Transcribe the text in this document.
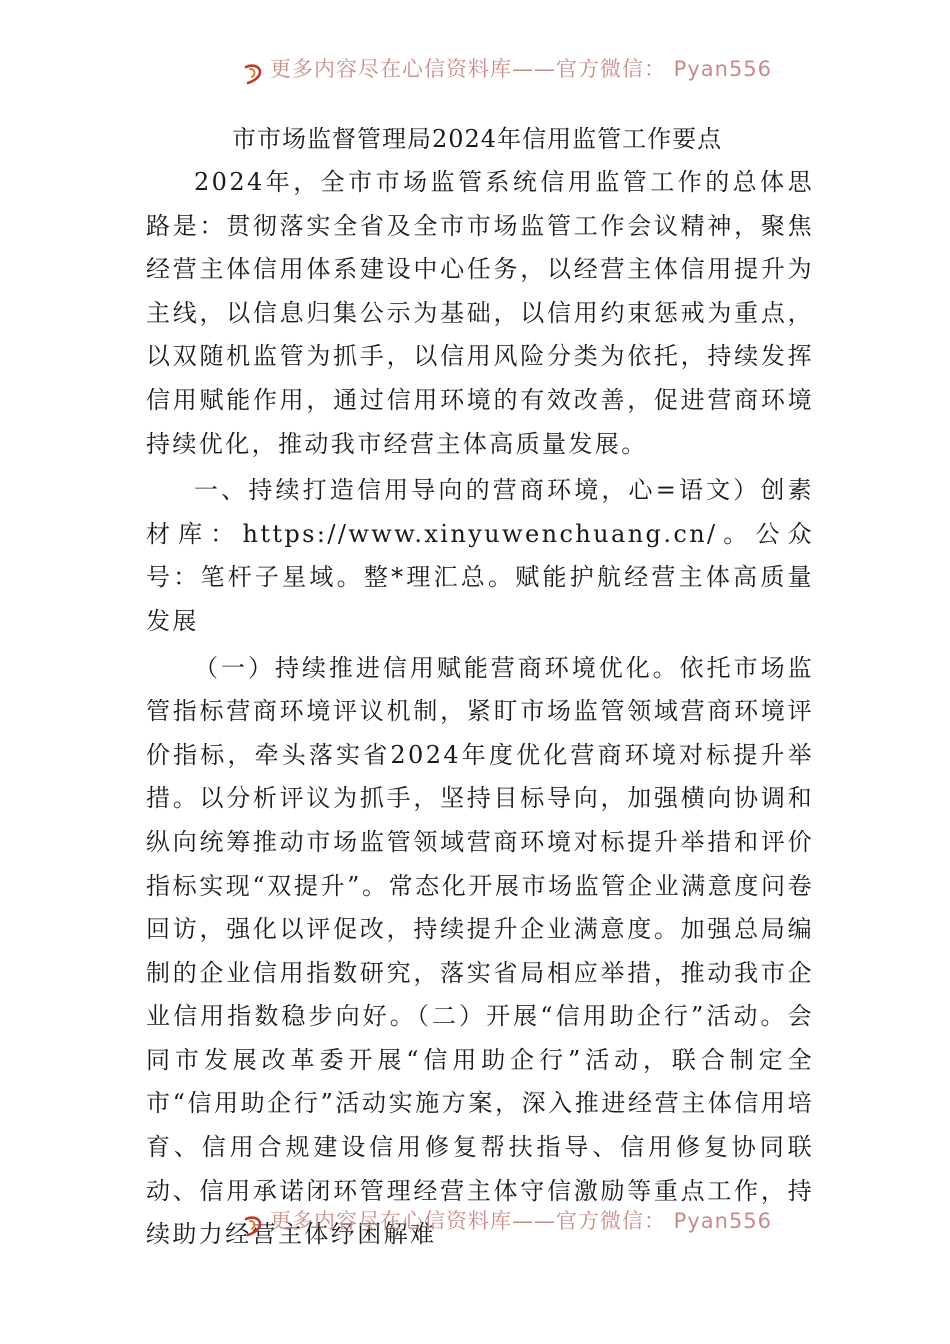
更多内容尽在心信资料库——官方微信： Pyan556
市市场监督管理局2024年信用监管工作要点

2024年，全市市场监管系统信用监管工作的总体思路是：贯彻落实全省及全市市场监管工作会议精神，聚焦经营主体信用体系建设中心任务，以经营主体信用提升为主线，以信息归集公示为基础，以信用约束惩戒为重点，以双随机监管为抓手，以信用风险分类为依托，持续发挥信用赋能作用，通过信用环境的有效改善，促进营商环境持续优化，推动我市经营主体高质量发展。

一、持续打造信用导向的营商环境，心=语文）创素材库：https://www.xinyuwenchuang.cn/。公众号：笔杆子星域。整*理汇总。赋能护航经营主体高质量发展

（一）持续推进信用赋能营商环境优化。依托市场监管指标营商环境评议机制，紧盯市场监管领域营商环境评价指标，牵头落实省2024年度优化营商环境对标提升举措。以分析评议为抓手，坚持目标导向，加强横向协调和纵向统筹推动市场监管领域营商环境对标提升举措和评价指标实现“双提升”。常态化开展市场监管企业满意度问卷回访，强化以评促改，持续提升企业满意度。加强总局编制的企业信用指数研究，落实省局相应举措，推动我市企业信用指数稳步向好。（二）开展“信用助企行”活动。会同市发展改革委开展“信用助企行”活动，联合制定全市“信用助企行”活动实施方案，深入推进经营主体信用培育、信用合规建设信用修复帮扶指导、信用修复协同联动、信用承诺闭环管理经营主体守信激励等重点工作，持续助力经营主体纾困解难

更多内容尽在心信资料库——官方微信： Pyan556
